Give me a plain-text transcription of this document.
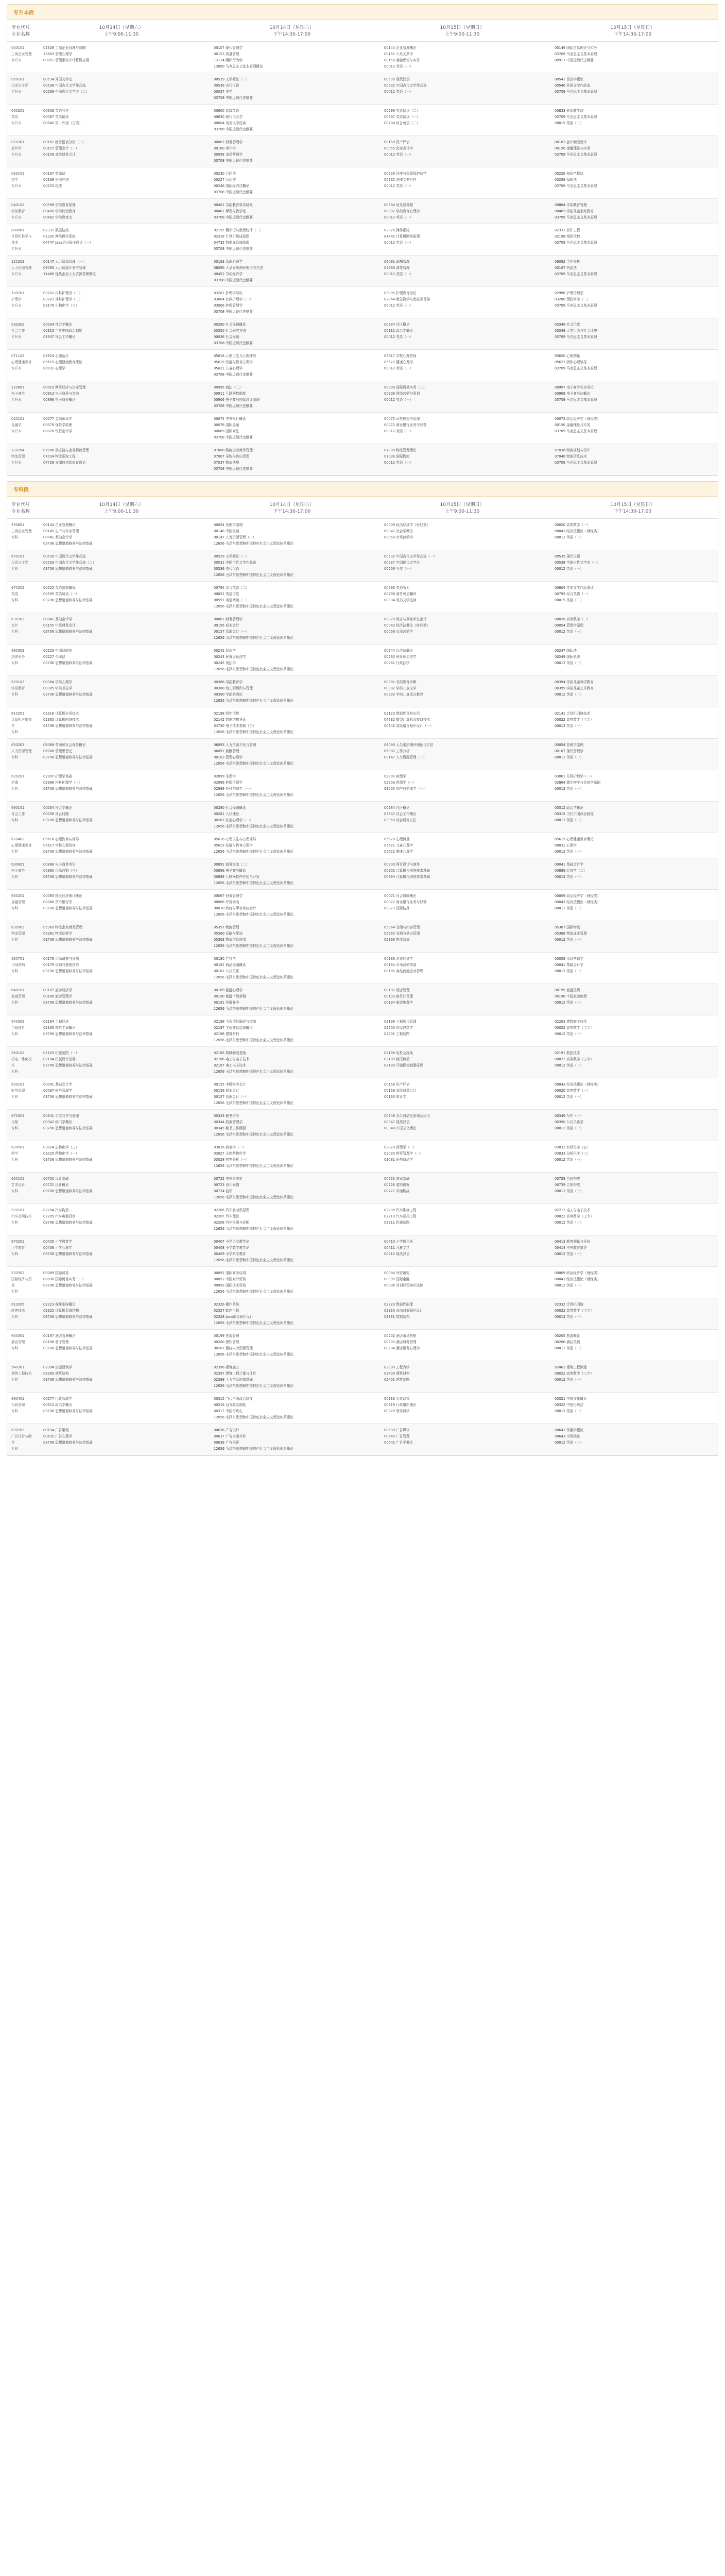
专升本段
专业代号
专业名称
10月14日（星期六）
上午9:00-11:30
10月14日（星期六）
下午14:30-17:00
10月15日（星期日）
上午9:00-11:30
10月15日（星期日）
下午14:30-17:00
040101
工商企业管理
专升本
02628 工商企业管理与战略
13683 管理心理学
00051 管理系统中计算机应用
00107 现代管理学
00153 质量管理
13124 组织行为学
13000 马克思主义基本原理概论
00144 企业管理概论
00151 公共关系学
00150 金融理论与实务
00012 英语（一）
00149 国际贸易理论与实务
03709 马克思主义基本原理
00913 中国近现代史纲要
050101
汉语言文学
专升本
00534 外国文学史
00538 中国古代文学作品选
00539 中国古代文学史（二）
00529 文学概论（一）
00536 古代汉语
00037 美学
03708 中国近现代史纲要
00535 现代汉语
00532 中国古代文学作品选
00012 英语（一）
00541 语言学概论
00540 外国文学作品选
03709 马克思主义基本原理
050201
英语
专升本
00603 英语写作
00087 英语翻译
00840 第二外语（日语）
00600 高级英语
00830 现代语言学
00604 英美文学选读
03708 中国近现代史纲要
00596 英语阅读（二）
00597 英语阅读（一）
00794 综合英语（二）
00833 外语教学法
03709 马克思主义基本原理
00015 英语（二）
020301
会计学
专升本
00161 财务报表分析（一）
00157 管理会计（一）
00159 高级财务会计
00067 财务管理学
00160 审计学
00058 市场营销学
03708 中国近现代史纲要
00158 资产评估
00055 企业会计学
00012 英语（一）
00162 会计制度设计
00150 金融理论与实务
03709 马克思主义基本原理
030101
法学
专升本
00167 劳动法
00169 房地产法
00233 税法
00230 合同法
00227 公司法
00246 国际经济法概论
03708 中国近现代史纲要
00228 环境与资源保护法学
00262 法律文书写作
00012 英语（一）
00226 知识产权法
00258 保险法
03709 马克思主义基本原理
040102
学前教育
专升本
00398 学前教育原理
00400 学前比较教育
00402 学前教育史
00401 学前教育科学研究
00467 课程与教学论
03708 中国近现代史纲要
00394 幼儿园课程
00882 学前教育心理学
00012 英语（一）
00884 学前教育管理
00403 学前儿童家庭教育
03709 马克思主义基本原理
080901
计算机科学与技术
专升本
02331 数据结构
02335 网络操作系统
04747 Java语言程序设计（一）
02197 概率论与数理统计（二）
02318 计算机组成原理
04735 数据库系统原理
03708 中国近现代史纲要
02326 操作系统
04741 计算机网络原理
00012 英语（一）
02333 软件工程
02198 线性代数
03709 马克思主义基本原理
120203
人力资源管理
专升本
00147 人力资源管理（一）
06093 人力资源开发与管理
11466 现代企业人力资源管理概论
00163 管理心理学
06090 人员素质测评理论与方法
00452 劳动经济学
03708 中国近现代史纲要
06091 薪酬管理
05963 绩效管理
00012 英语（一）
06092 工作分析
00167 劳动法
03709 马克思主义基本原理
100701
护理学
专升本
03202 内科护理学（二）
03203 外科护理学（二）
03179 生物化学（三）
03201 护理学导论
03004 社区护理学（一）
03006 护理管理学
03708 中国近现代史纲要
03005 护理教育导论
02864 微生物学与免疫学基础
00012 英语（一）
02996 护理伦理学
03200 预防医学（二）
03709 马克思主义基本原理
030302
社会工作
专升本
00034 社会学概论
00315 当代中国政治制度
03347 社会工作概论
00280 社会保障概论
03350 社会研究方法
00036 社会问题
03708 中国近现代史纲要
00284 社区概论
00312 政治学概论
00012 英语（一）
03349 社会行政
03348 人类行为与社会环境
03709 马克思主义基本原理
071102
心理健康教育
专升本
05624 心理治疗
05615 心理健康教育概论
00031 心理学
05618 心理卫生与心理辅导
05619 发展与教育心理学
05621 儿童心理学
03708 中国近现代史纲要
05617 学校心理咨询
05622 健康心理学
00012 英语（一）
05620 心理测量
05623 团体心理辅导
03709 马克思主义基本原理
120801
电子商务
专升本
00910 网络经济与企业管理
00913 电子商务与金融
00896 电子商务概论
00995 商法（二）
00911 互联网数据库
00906 电子商务网站设计原理
03708 中国近现代史纲要
00909 国际贸易实务（二）
00908 网络营销与策划
00012 英语（一）
00997 电子商务安全导论
00908 电子商务法概论
03709 马克思主义基本原理
020101
金融学
专升本
00077 金融市场学
00079 保险学原理
00078 银行会计学
00074 中央银行概论
00076 国际金融
00069 国际商法
03708 中国近现代史纲要
00075 证券投资与管理
00072 商业银行业务与经营
00012 英语（一）
00073 政治经济学（财经类）
00150 金融理论与实务
03709 马克思主义基本原理
120204
物流管理
专升本
07006 供应链与企业物流管理
07034 物流系统工程
07729 仓储技术和库存理论
07008 物流企业财务管理
07007 采购与供应管理
07037 物流法规
03708 中国近现代史纲要
07009 物流管理概论
07036 国际物流
00012 英语（一）
07038 物流规划与设计
07040 物流信息技术
03709 马克思主义基本原理
专科段
专业代号
专业名称
10月14日（星期六）
上午9:00-11:30
10月14日（星期六）
下午14:30-17:00
10月15日（星期日）
上午9:00-11:30
10月15日（星期日）
下午14:30-17:00
530601
工商企业管理
专科
00144 企业管理概论
00145 生产与作业管理
00041 基础会计学
03706 思想道德修养与法律基础
00054 管理学原理
00146 中国税制
00147 人力资源管理（一）
12656 毛泽东思想和中国特色社会主义理论体系概论
00009 政治经济学（财经类）
00042 社会学概论
00058 市场营销学
00020 高等数学（一）
00043 经济法概论（财经类）
00012 英语（一）
670101
汉语言文学
专科
00530 中国现代文学作品选
00533 中国古代文学作品选（二）
03706 思想道德修养与法律基础
00529 文学概论（一）
00531 中国当代文学作品选
00536 古代汉语
12656 毛泽东思想和中国特色社会主义理论体系概论
00532 中国古代文学作品选（一）
00537 中国现代文学史
00506 写作（一）
00535 现代汉语
00538 中国古代文学史（一）
00012 英语（一）
670202
英语
专科
00522 英语国家概况
00595 英语阅读（一）
03706 思想道德修养与法律基础
00794 综合英语（二）
00831 英语语法
00597 英语阅读（二）
12656 毛泽东思想和中国特色社会主义理论体系概论
00593 英语听力
00796 商务英语翻译
00834 英美文学选读
00604 英美文学作品选读
00795 综合英语（一）
00015 英语（二）
630302
会计
专科
00041 基础会计学
00155 中级财务会计
03706 思想道德修养与法律基础
00067 财务管理学
00156 成本会计
00157 管理会计（一）
12656 毛泽东思想和中国特色社会主义理论体系概论
00070 政府与事业单位会计
00043 经济法概论（财经类）
00058 市场营销学
00020 高等数学（一）
00054 管理学原理
00012 英语（一）
680503
法律事务
专科
00223 中国法制史
00227 公司法
03706 思想道德修养与法律基础
00242 民法学
00243 民事诉讼法学
00245 刑法学
12656 毛泽东思想和中国特色社会主义理论体系概论
00244 经济法概论
00260 刑事诉讼法学
00261 行政法学
00247 国际法
00249 国际私法
00012 英语（一）
670102
学前教育
专科
00384 学前心理学
00385 学前卫生学
03706 思想道德修养与法律基础
00386 学前教育学
00388 幼儿园组织与管理
00390 学前游戏论
12656 毛泽东思想和中国特色社会主义理论体系概论
00391 学前教育诊断
00392 学前儿童文学
00393 学前儿童语言教育
00394 学前儿童科学教育
00395 学前儿童艺术教育
00012 英语（一）
610201
计算机应用技术
专科
02316 计算机应用技术
02365 计算机网络技术
03706 思想道德修养与法律基础
02198 线性代数
02142 数据结构导论
04730 电子技术基础（三）
12656 毛泽东思想和中国特色社会主义理论体系概论
02120 数据库及其应用
04732 微型计算机及接口技术
00342 高级语言程序设计（一）
02141 计算机网络技术
00022 高等数学（工专）
00012 英语（一）
630203
人力资源管理
专科
06089 劳动和社会保险概论
06088 管理思想史
03706 思想道德修养与法律基础
06093 人力资源开发与管理
06091 薪酬管理
00163 管理心理学
12656 毛泽东思想和中国特色社会主义理论体系概论
06090 人员素质测评理论与方法
06092 工作分析
00147 人力资源管理（一）
00054 管理学原理
00107 现代管理学
00012 英语（一）
620201
护理
专科
02997 护理学基础
02998 内科护理学（一）
03706 思想道德修养与法律基础
02899 生理学
02996 护理伦理学
02999 外科护理学（一）
12656 毛泽东思想和中国特色社会主义理论体系概论
02901 病理学
02903 药理学（一）
03000 妇产科护理学（一）
03001 儿科护理学（一）
02864 微生物学与免疫学基础
00012 英语（一）
690101
社会工作
专科
00034 社会学概论
00036 社会问题
03706 思想道德修养与法律基础
00280 社会保障概论
00281 人口理论
00282 社会心理学（一）
12656 毛泽东思想和中国特色社会主义理论体系概论
00284 社区概论
03347 社会工作概论
03350 社会研究方法
00312 政治学概论
00315 当代中国政治制度
00012 英语（一）
670402
心理健康教育
专科
05616 心理咨询与辅导
05617 学校心理咨询
03706 思想道德修养与法律基础
05618 心理卫生与心理辅导
05619 发展与教育心理学
12656 毛泽东思想和中国特色社会主义理论体系概论
05620 心理测量
05621 儿童心理学
05622 健康心理学
05615 心理健康教育概论
00031 心理学
00012 英语（一）
630801
电子商务
专科
00888 电子商务英语
00890 市场营销（三）
03706 思想道德修养与法律基础
00892 商务交流（二）
00896 电子商务概论
00898 互联网软件应用与开发
12656 毛泽东思想和中国特色社会主义理论体系概论
00900 网页设计与制作
00902 计算机与网络技术基础
00894 计算机与网络技术基础
00041 基础会计学
00889 经济学（二）
00012 英语（一）
630201
金融管理
专科
00065 国民经济统计概论
00066 货币银行学
03706 思想道德修养与法律基础
00067 财务管理学
00068 外贸函电
00070 政府与事业单位会计
12656 毛泽东思想和中国特色社会主义理论体系概论
00071 社会保障概论
00072 商业银行业务与经营
00073 国际结算
00009 政治经济学（财经类）
00043 经济法概论（财经类）
00012 英语（一）
630903
物流管理
专科
05369 物流企业财务管理
05361 物流运筹学
03706 思想道德修养与法律基础
05357 物流管理
05360 运输与配送
05363 物流信息技术
12656 毛泽东思想和中国特色社会主义理论体系概论
05364 仓储与库存管理
05365 采购与供应管理
05366 物流法规
05367 国际物流
05368 物流成本管理
00012 英语（一）
630701
市场营销
专科
00178 市场调查与预测
00179 谈判与推销技巧
03706 思想道德修养与法律基础
00180 广告学
00181 商品流通概论
00182 公共关系
12656 毛泽东思想和中国特色社会主义理论体系概论
00183 消费经济学
00184 市场营销策划
00185 商品流通企业管理
00058 市场营销学
00041 基础会计学
00012 英语（一）
640101
旅游管理
专科
00187 旅游经济学
00188 旅游管理学
03706 思想道德修养与法律基础
00189 旅游心理学
00190 旅游市场营销
00191 导游业务
12656 毛泽东思想和中国特色社会主义理论体系概论
00192 饭店管理
00193 旅行社管理
00194 旅游地理学
00195 旅游法规
00196 中国旅游地理
00012 英语（一）
540502
工程造价
专科
02194 工程经济
02195 建筑工程概论
03706 思想道德修养与法律基础
02196 工程造价确定与控制
02197 工程建设监理概论
02198 建筑材料
12656 毛泽东思想和中国特色社会主义理论体系概论
02199 工程项目管理
02200 房屋建筑学
02201 工程制图
02202 建筑施工技术
00022 高等数学（工专）
00012 英语（一）
560102
机电一体化技术
专科
02183 机械制图（一）
02184 机械设计基础
03706 思想道德修养与法律基础
02185 机械制造基础
02186 电工与电子技术
02187 电工电子技术
12656 毛泽东思想和中国特色社会主义理论体系概论
02188 电机及拖动
02189 液压传动
02190 可编程控制器原理
02191 数控技术
00022 高等数学（工专）
00012 英语（一）
630101
财务管理
专科
00041 基础会计学
00067 财务管理学
03706 思想道德修养与法律基础
00155 中级财务会计
00156 成本会计
00157 管理会计（一）
12656 毛泽东思想和中国特色社会主义理论体系概论
00158 资产评估
00159 高级财务会计
00160 审计学
00043 经济法概论（财经类）
00020 高等数学（一）
00012 英语（一）
670301
文秘
专科
00341 公文写作与处理
00342 秘书学概论
03706 思想道德修养与法律基础
00343 秘书实务
00344 档案管理学
00345 秘书工作概要
12656 毛泽东思想和中国特色社会主义理论体系概论
00346 办公自动化原理及应用
00347 现代汉语
00348 中国文化概论
00349 写作（一）
00350 公共关系学
00012 英语（一）
620501
药学
专科
03024 生物化学（三）
03025 药物化学（一）
03706 思想道德修养与法律基础
03026 药剂学（一）
03027 天然药物化学
03028 药物分析（一）
12656 毛泽东思想和中国特色社会主义理论体系概论
03029 药理学（一）
03030 药事管理学（一）
03031 医药商品学
03032 有机化学（五）
03033 分析化学（二）
00012 英语（一）
650101
艺术设计
专科
00720 设计基础
00721 设计概论
03706 思想道德修养与法律基础
00722 中外美术史
00723 设计素描
00724 色彩
12656 毛泽东思想和中国特色社会主义理论体系概论
00725 图案基础
00726 装饰图案
00727 平面构成
00728 色彩构成
00729 立体构成
00012 英语（一）
520101
汽车运用技术
专科
02204 汽车构造
02205 汽车电器设备
03706 思想道德修养与法律基础
02206 汽车发动机原理
02207 汽车理论
02208 汽车检测与诊断
12656 毛泽东思想和中国特色社会主义理论体系概论
02209 汽车维修工程
02210 汽车运用工程
02211 机械制图
02212 电工与电子技术
00022 高等数学（工专）
00012 英语（一）
670201
小学教育
专科
00405 小学教育学
00406 小学心理学
03706 思想道德修养与法律基础
00407 小学语文教学论
00408 小学数学教学论
00409 小学科学教育
12656 毛泽东思想和中国特色社会主义理论体系概论
00410 小学班主任
00411 儿童文学
00412 现代汉语
00413 教育测量与评价
00414 中外教育简史
00012 英语（一）
530302
国际经济与贸易
专科
00089 国际贸易
00090 国际贸易实务（一）
03706 思想道德修养与法律基础
00091 国际商务谈判
00092 中国对外贸易
00093 国际技术贸易
12656 毛泽东思想和中国特色社会主义理论体系概论
00094 外贸函电
00095 国际金融
00096 外刊经贸知识选读
00009 政治经济学（财经类）
00043 经济法概论（财经类）
00012 英语（一）
610205
软件技术
专科
02323 操作系统概论
02325 计算机系统结构
03706 思想道德修养与法律基础
02326 操作系统
02327 软件工程
02328 Java语言程序设计
12656 毛泽东思想和中国特色社会主义理论体系概论
02329 数据库原理
02330 面向对象程序设计
02331 数据结构
02332 计算机网络
00022 高等数学（工专）
00012 英语（一）
640301
酒店管理
专科
00197 酒店管理概论
00198 前厅管理
03706 思想道德修养与法律基础
00199 客房管理
00200 餐饮管理
00201 酒店人力资源管理
12656 毛泽东思想和中国特色社会主义理论体系概论
00202 酒店市场营销
00203 酒店财务管理
00204 酒店服务心理学
00205 旅游概论
00206 酒店英语
00012 英语（一）
540301
建筑工程技术
专科
02394 房屋建筑学
02395 建筑结构
03706 思想道德修养与法律基础
02396 建筑施工
02397 建筑工程计量与计价
02398 土力学及地基基础
12656 毛泽东思想和中国特色社会主义理论体系概论
02399 工程力学
02400 建筑材料
02401 建筑制图
02402 建筑工程测量
00022 高等数学（工专）
00012 英语（一）
680401
行政管理
专科
00277 行政管理学
00312 政治学概论
03706 思想道德修养与法律基础
00315 当代中国政治制度
00316 西方政治制度
00317 中国行政史
12656 毛泽东思想和中国特色社会主义理论体系概论
00318 公共政策
00319 行政组织理论
00320 领导科学
00321 中国文化概论
00322 中国行政法
00012 英语（一）
630702
广告设计与制作
专科
00634 广告策划
00635 广告心理学
03706 思想道德修养与法律基础
00636 广告设计
00637 广告文案写作
00638 广告摄影
12656 毛泽东思想和中国特色社会主义理论体系概论
00639 广告媒体
00640 广告管理
00641 广告学概论
00642 传播学概论
00643 市场调查
00012 英语（一）
